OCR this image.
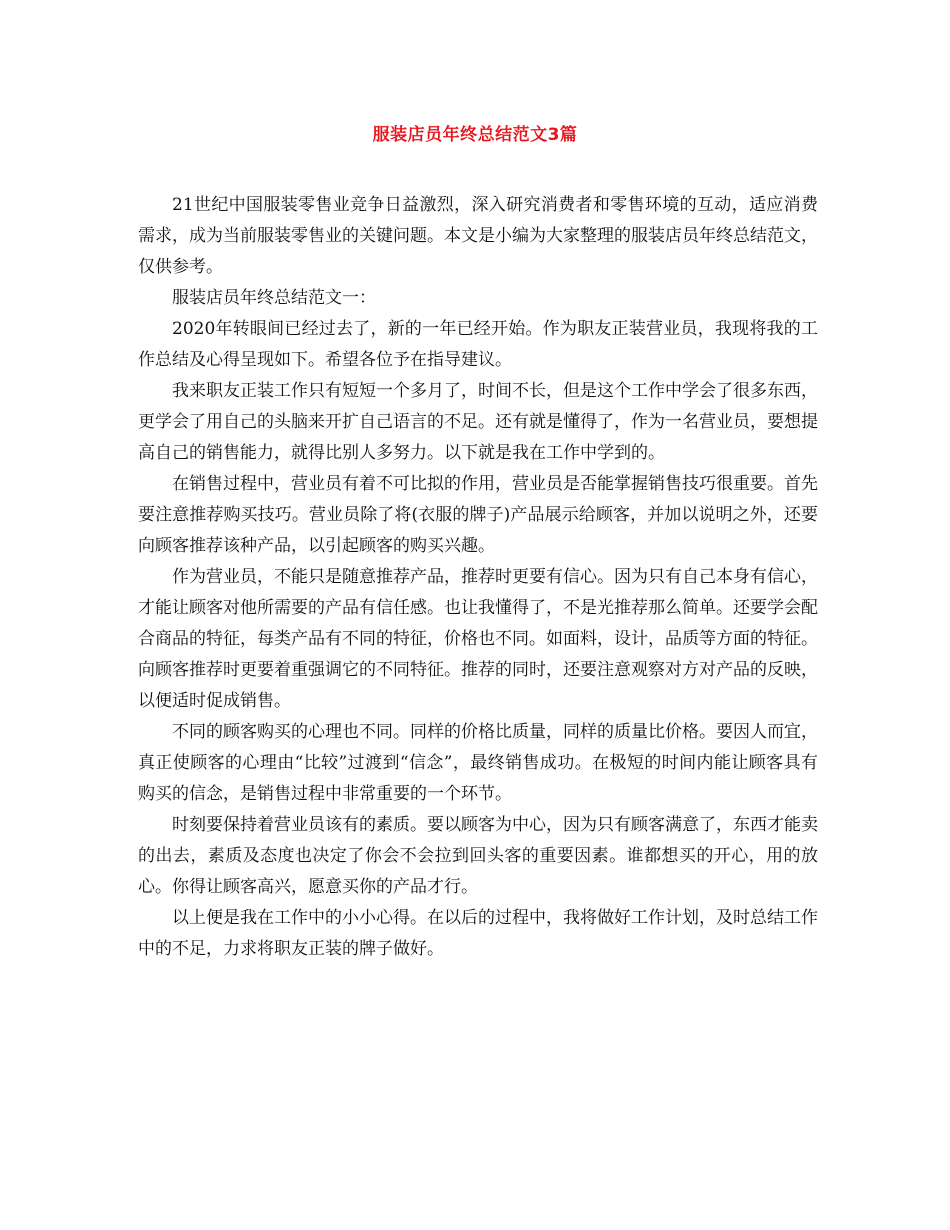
服装店员年终总结范文3篇

21世纪中国服装零售业竞争日益激烈，深入研究消费者和零售环境的互动，适应消费需求，成为当前服装零售业的关键问题。本文是小编为大家整理的服装店员年终总结范文，仅供参考。

服装店员年终总结范文一：

2020年转眼间已经过去了，新的一年已经开始。作为职友正装营业员，我现将我的工作总结及心得呈现如下。希望各位予在指导建议。

我来职友正装工作只有短短一个多月了，时间不长，但是这个工作中学会了很多东西，更学会了用自己的头脑来开扩自己语言的不足。还有就是懂得了，作为一名营业员，要想提高自己的销售能力，就得比别人多努力。以下就是我在工作中学到的。

在销售过程中，营业员有着不可比拟的作用，营业员是否能掌握销售技巧很重要。首先要注意推荐购买技巧。营业员除了将(衣服的牌子)产品展示给顾客，并加以说明之外，还要向顾客推荐该种产品，以引起顾客的购买兴趣。

作为营业员，不能只是随意推荐产品，推荐时更要有信心。因为只有自己本身有信心，才能让顾客对他所需要的产品有信任感。也让我懂得了，不是光推荐那么简单。还要学会配合商品的特征，每类产品有不同的特征，价格也不同。如面料，设计，品质等方面的特征。向顾客推荐时更要着重强调它的不同特征。推荐的同时，还要注意观察对方对产品的反映，以便适时促成销售。

不同的顾客购买的心理也不同。同样的价格比质量，同样的质量比价格。要因人而宜，真正使顾客的心理由“比较”过渡到“信念”，最终销售成功。在极短的时间内能让顾客具有购买的信念，是销售过程中非常重要的一个环节。

时刻要保持着营业员该有的素质。要以顾客为中心，因为只有顾客满意了，东西才能卖的出去，素质及态度也决定了你会不会拉到回头客的重要因素。谁都想买的开心，用的放心。你得让顾客高兴，愿意买你的产品才行。

以上便是我在工作中的小小心得。在以后的过程中，我将做好工作计划，及时总结工作中的不足，力求将职友正装的牌子做好。
